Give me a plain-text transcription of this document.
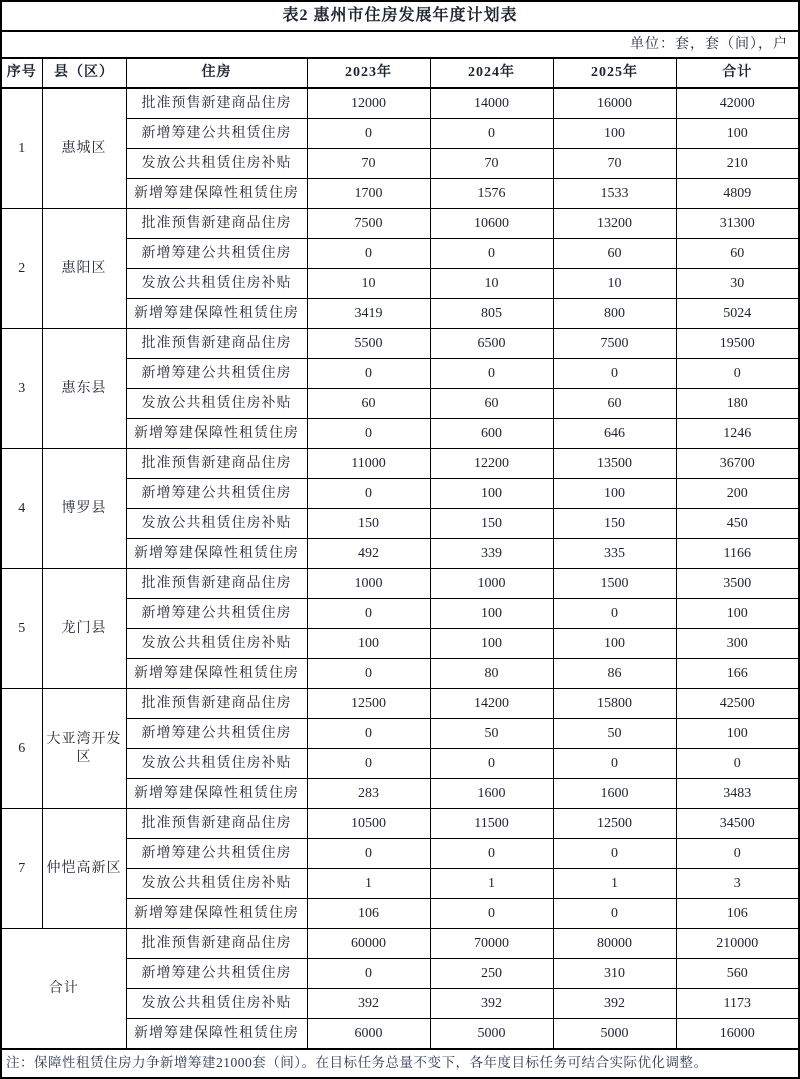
表2 惠州市住房发展年度计划表						
单位：套，套（间），户						
序号	县（区）	住房	2023年	2024年	2025年	合计
1	惠城区	批准预售新建商品住房	12000	14000	16000	42000
		新增筹建公共租赁住房	0	0	100	100
		发放公共租赁住房补贴	70	70	70	210
		新增筹建保障性租赁住房	1700	1576	1533	4809
2	惠阳区	批准预售新建商品住房	7500	10600	13200	31300
		新增筹建公共租赁住房	0	0	60	60
		发放公共租赁住房补贴	10	10	10	30
		新增筹建保障性租赁住房	3419	805	800	5024
3	惠东县	批准预售新建商品住房	5500	6500	7500	19500
		新增筹建公共租赁住房	0	0	0	0
		发放公共租赁住房补贴	60	60	60	180
		新增筹建保障性租赁住房	0	600	646	1246
4	博罗县	批准预售新建商品住房	11000	12200	13500	36700
		新增筹建公共租赁住房	0	100	100	200
		发放公共租赁住房补贴	150	150	150	450
		新增筹建保障性租赁住房	492	339	335	1166
5	龙门县	批准预售新建商品住房	1000	1000	1500	3500
		新增筹建公共租赁住房	0	100	0	100
		发放公共租赁住房补贴	100	100	100	300
		新增筹建保障性租赁住房	0	80	86	166
6	大亚湾开发区	批准预售新建商品住房	12500	14200	15800	42500
		新增筹建公共租赁住房	0	50	50	100
		发放公共租赁住房补贴	0	0	0	0
		新增筹建保障性租赁住房	283	1600	1600	3483
7	仲恺高新区	批准预售新建商品住房	10500	11500	12500	34500
		新增筹建公共租赁住房	0	0	0	0
		发放公共租赁住房补贴	1	1	1	3
		新增筹建保障性租赁住房	106	0	0	106
合计		批准预售新建商品住房	60000	70000	80000	210000
		新增筹建公共租赁住房	0	250	310	560
		发放公共租赁住房补贴	392	392	392	1173
		新增筹建保障性租赁住房	6000	5000	5000	16000
注：保障性租赁住房力争新增筹建21000套（间）。在目标任务总量不变下，各年度目标任务可结合实际优化调整。						
